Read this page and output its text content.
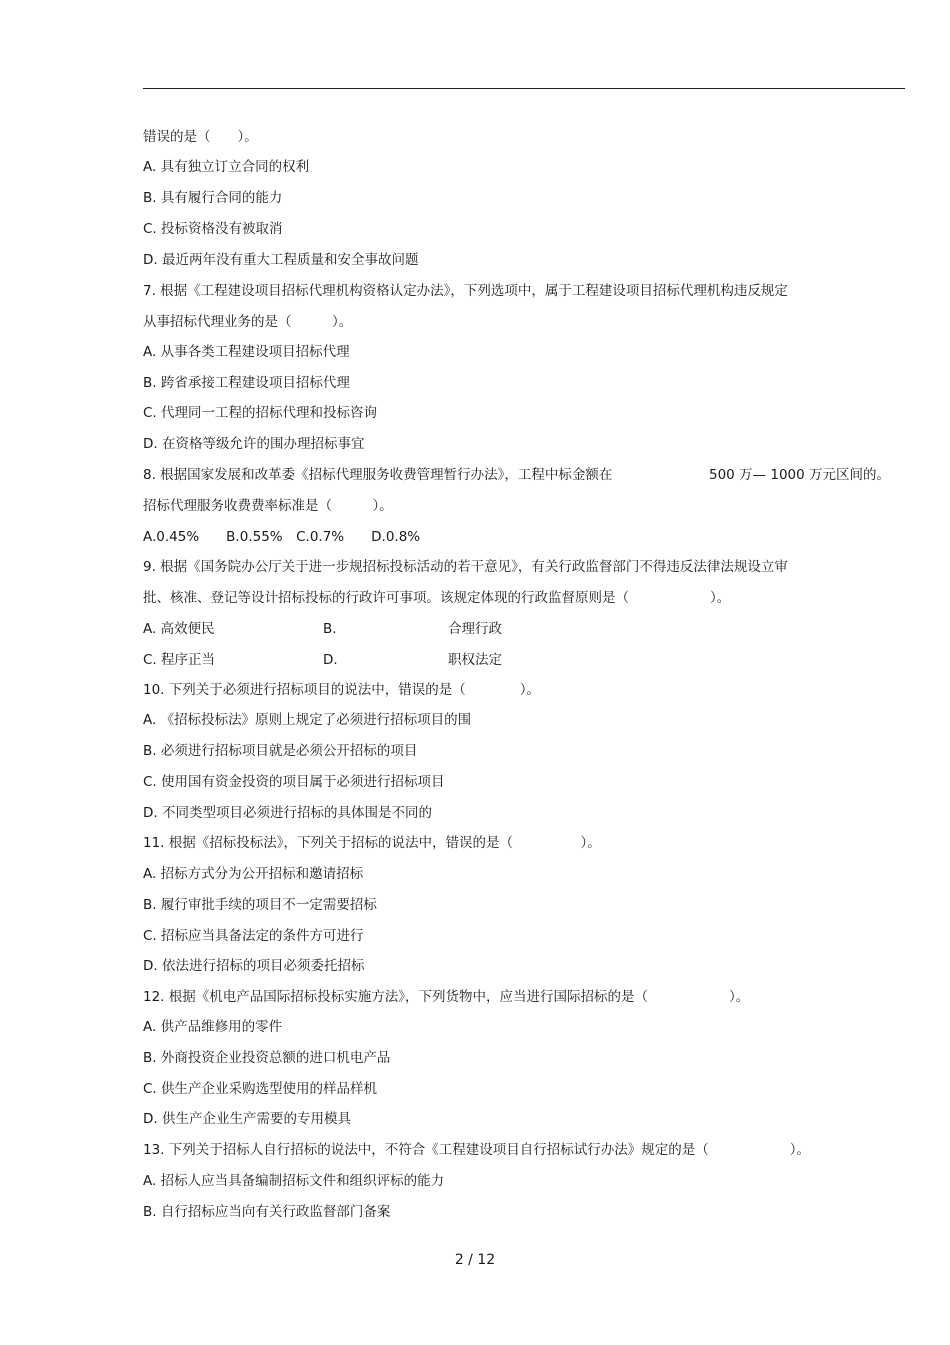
错误的是（　　）。
A. 具有独立订立合同的权利
B. 具有履行合同的能力
C. 投标资格没有被取消
D. 最近两年没有重大工程质量和安全事故问题
7. 根据《工程建设项目招标代理机构资格认定办法》，下列选项中，属于工程建设项目招标代理机构违反规定
从事招标代理业务的是（　　　）。
A. 从事各类工程建设项目招标代理
B. 跨省承接工程建设项目招标代理
C. 代理同一工程的招标代理和投标咨询
D. 在资格等级允许的围办理招标事宜
8. 根据国家发展和改革委《招标代理服务收费管理暂行办法》，工程中标金额在	500 万— 1000 万元区间的。
招标代理服务收费费率标准是（　　　）。
A.0.45%　　B.0.55%　C.0.7%　　D.0.8%
9. 根据《国务院办公厅关于进一步规招标投标活动的若干意见》，有关行政监督部门不得违反法律法规设立审
批、核准、登记等设计招标投标的行政许可事项。该规定体现的行政监督原则是（　　　　　　）。
A. 高效便民	B.	合理行政
C. 程序正当	D.	职权法定
10. 下列关于必须进行招标项目的说法中，错误的是（　　　　）。
A. 《招标投标法》原则上规定了必须进行招标项目的围
B. 必须进行招标项目就是必须公开招标的项目
C. 使用国有资金投资的项目属于必须进行招标项目
D. 不同类型项目必须进行招标的具体围是不同的
11. 根据《招标投标法》，下列关于招标的说法中，错误的是（　　　　　）。
A. 招标方式分为公开招标和邀请招标
B. 履行审批手续的项目不一定需要招标
C. 招标应当具备法定的条件方可进行
D. 依法进行招标的项目必须委托招标
12. 根据《机电产品国际招标投标实施方法》，下列货物中，应当进行国际招标的是（　　　　　　）。
A. 供产品维修用的零件
B. 外商投资企业投资总额的进口机电产品
C. 供生产企业采购选型使用的样品样机
D. 供生产企业生产需要的专用模具
13. 下列关于招标人自行招标的说法中，不符合《工程建设项目自行招标试行办法》规定的是（　　　　　　）。
A. 招标人应当具备编制招标文件和组织评标的能力
B. 自行招标应当向有关行政监督部门备案
2 / 12
